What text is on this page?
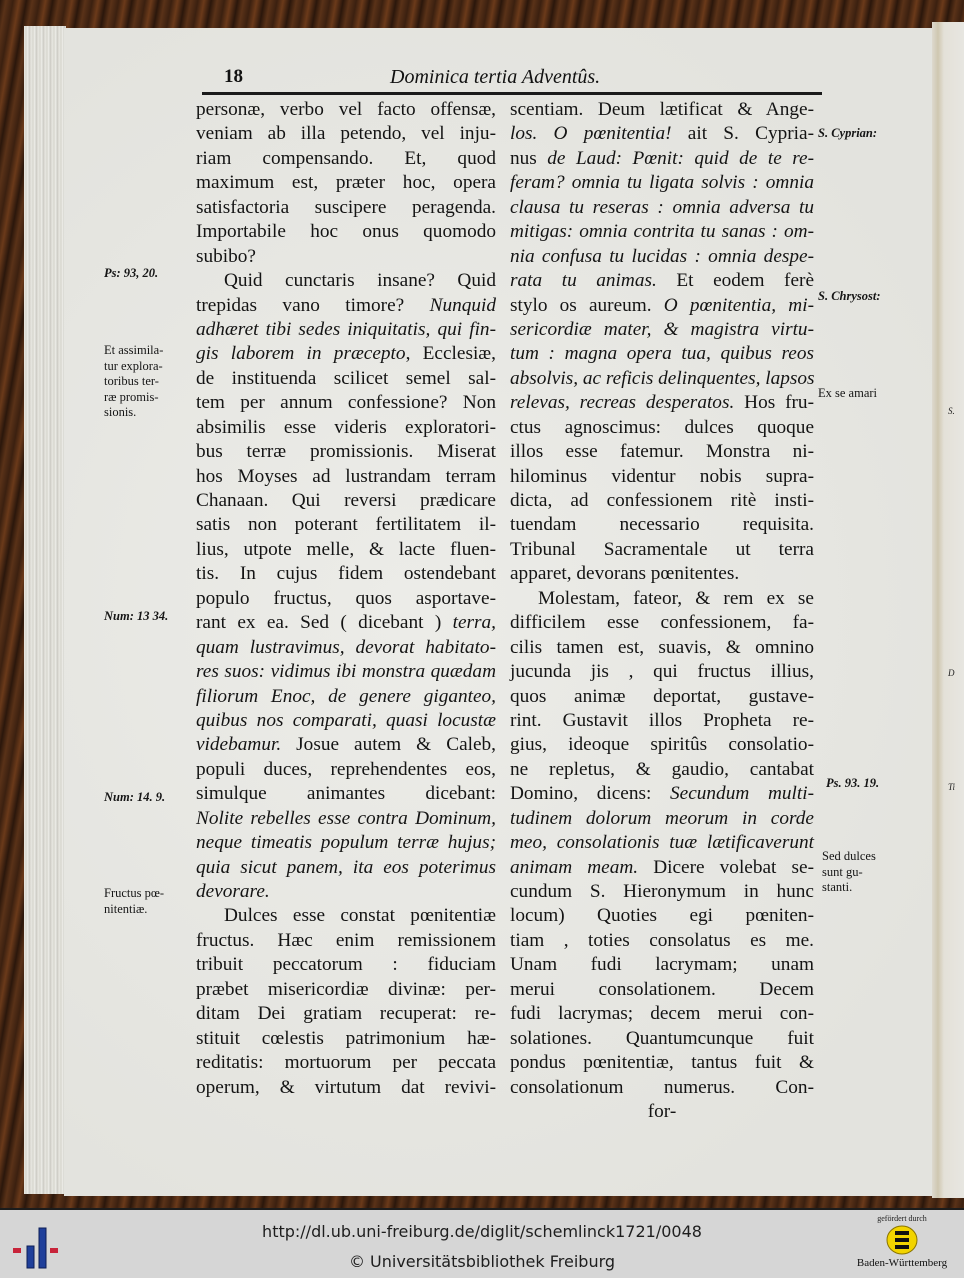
18	Dominica tertia Adventûs.
personæ, verbo vel facto offensæ,
veniam ab illa petendo, vel inju-
riam compensando. Et, quod
maximum est, præter hoc, opera
satisfactoria suscipere peragenda.
Importabile hoc onus quomodo
subibo?
Quid cunctaris insane? Quid
trepidas vano timore? Nunquid
adhæret tibi sedes iniquitatis, qui fin-
gis laborem in præcepto, Ecclesiæ,
de instituenda scilicet semel sal-
tem per annum confessione? Non
absimilis esse videris exploratori-
bus terræ promissionis. Miserat
hos Moyses ad lustrandam terram
Chanaan. Qui reversi prædicare
satis non poterant fertilitatem il-
lius, utpote melle, & lacte fluen-
tis. In cujus fidem ostendebant
populo fructus, quos asportave-
rant ex ea. Sed ( dicebant ) terra,
quam lustravimus, devorat habitato-
res suos: vidimus ibi monstra quædam
filiorum Enoc, de genere giganteo,
quibus nos comparati, quasi locustæ
videbamur. Josue autem & Caleb,
populi duces, reprehendentes eos,
simulque animantes dicebant:
Nolite rebelles esse contra Dominum,
neque timeatis populum terræ hujus;
quia sicut panem, ita eos poterimus
devorare.
Dulces esse constat pœnitentiæ
fructus. Hæc enim remissionem
tribuit peccatorum : fiduciam
præbet misericordiæ divinæ: per-
ditam Dei gratiam recuperat: re-
stituit cœlestis patrimonium hæ-
reditatis: mortuorum per peccata
operum, & virtutum dat revivi-
scentiam. Deum lætificat & Ange-
los. O pœnitentia! ait S. Cypria-
nus de Laud: Pœnit: quid de te re-
feram? omnia tu ligata solvis : omnia
clausa tu reseras : omnia adversa tu
mitigas: omnia contrita tu sanas : om-
nia confusa tu lucidas : omnia despe-
rata tu animas. Et eodem ferè
stylo os aureum. O pœnitentia, mi-
sericordiæ mater, & magistra virtu-
tum : magna opera tua, quibus reos
absolvis, ac reficis delinquentes, lapsos
relevas, recreas desperatos. Hos fru-
ctus agnoscimus: dulces quoque
illos esse fatemur. Monstra ni-
hilominus videntur nobis supra-
dicta, ad confessionem ritè insti-
tuendam necessario requisita.
Tribunal Sacramentale ut terra
apparet, devorans pœnitentes.
Molestam, fateor, & rem ex se
difficilem esse confessionem, fa-
cilis tamen est, suavis, & omnino
jucunda jis , qui fructus illius,
quos animæ deportat, gustave-
rint. Gustavit illos Propheta re-
gius, ideoque spiritûs consolatio-
ne repletus, & gaudio, cantabat
Domino, dicens: Secundum multi-
tudinem dolorum meorum in corde
meo, consolationis tuæ lætificaverunt
animam meam. Dicere volebat se-
cundum S. Hieronymum in hunc
locum) Quoties egi pœniten-
tiam , toties consolatus es me.
Unam fudi lacrymam; unam
merui consolationem. Decem
fudi lacrymas; decem merui con-
solationes. Quantumcunque fuit
pondus pœnitentiæ, tantus fuit &
consolationum numerus. Con-
for-
Ps: 93, 20.
Et assimila-
tur explora-
toribus ter-
ræ promis-
sionis.
Num: 13 34.
Num: 14. 9.
Fructus pœ-
nitentiæ.
S. Cyprian:
S. Chrysost:
Ex se amari
Ps. 93. 19.
Sed dulces
sunt gu-
stanti.
S.
D
Ti
http://dl.ub.uni-freiburg.de/diglit/schemlinck1721/0048
© Universitätsbibliothek Freiburg
gefördert durch
Baden-Württemberg
